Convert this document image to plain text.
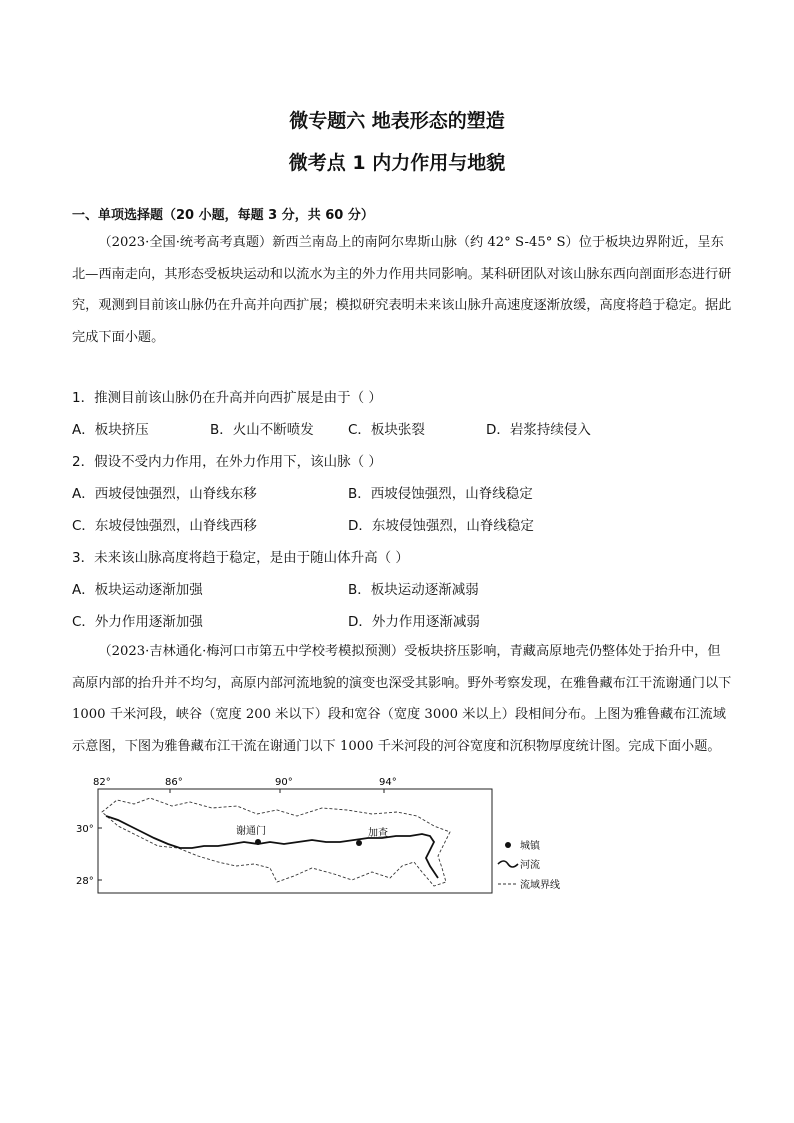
微专题六 地表形态的塑造
微考点 1 内力作用与地貌
一、单项选择题（20 小题，每题 3 分，共 60 分）
（2023·全国·统考高考真题）新西兰南岛上的南阿尔卑斯山脉（约 42° S-45° S）位于板块边界附近，呈东北—西南走向，其形态受板块运动和以流水为主的外力作用共同影响。某科研团队对该山脉东西向剖面形态进行研究，观测到目前该山脉仍在升高并向西扩展；模拟研究表明未来该山脉升高速度逐渐放缓，高度将趋于稳定。据此完成下面小题。
1．推测目前该山脉仍在升高并向西扩展是由于（ ）
A．板块挤压	B．火山不断喷发	C．板块张裂	D．岩浆持续侵入
2．假设不受内力作用，在外力作用下，该山脉（ ）
A．西坡侵蚀强烈，山脊线东移	B．西坡侵蚀强烈，山脊线稳定
C．东坡侵蚀强烈，山脊线西移	D．东坡侵蚀强烈，山脊线稳定
3．未来该山脉高度将趋于稳定，是由于随山体升高（ ）
A．板块运动逐渐加强	B．板块运动逐渐减弱
C．外力作用逐渐加强	D．外力作用逐渐减弱
（2023·吉林通化·梅河口市第五中学校考模拟预测）受板块挤压影响，青藏高原地壳仍整体处于抬升中，但高原内部的抬升并不均匀，高原内部河流地貌的演变也深受其影响。野外考察发现，在雅鲁藏布江干流谢通门以下 1000 千米河段，峡谷（宽度 200 米以下）段和宽谷（宽度 3000 米以上）段相间分布。上图为雅鲁藏布江流域示意图，下图为雅鲁藏布江干流在谢通门以下 1000 千米河段的河谷宽度和沉积物厚度统计图。完成下面小题。
82°	86°	90°	94°
30°
28°
谢通门	加查
城镇
河流
流域界线
